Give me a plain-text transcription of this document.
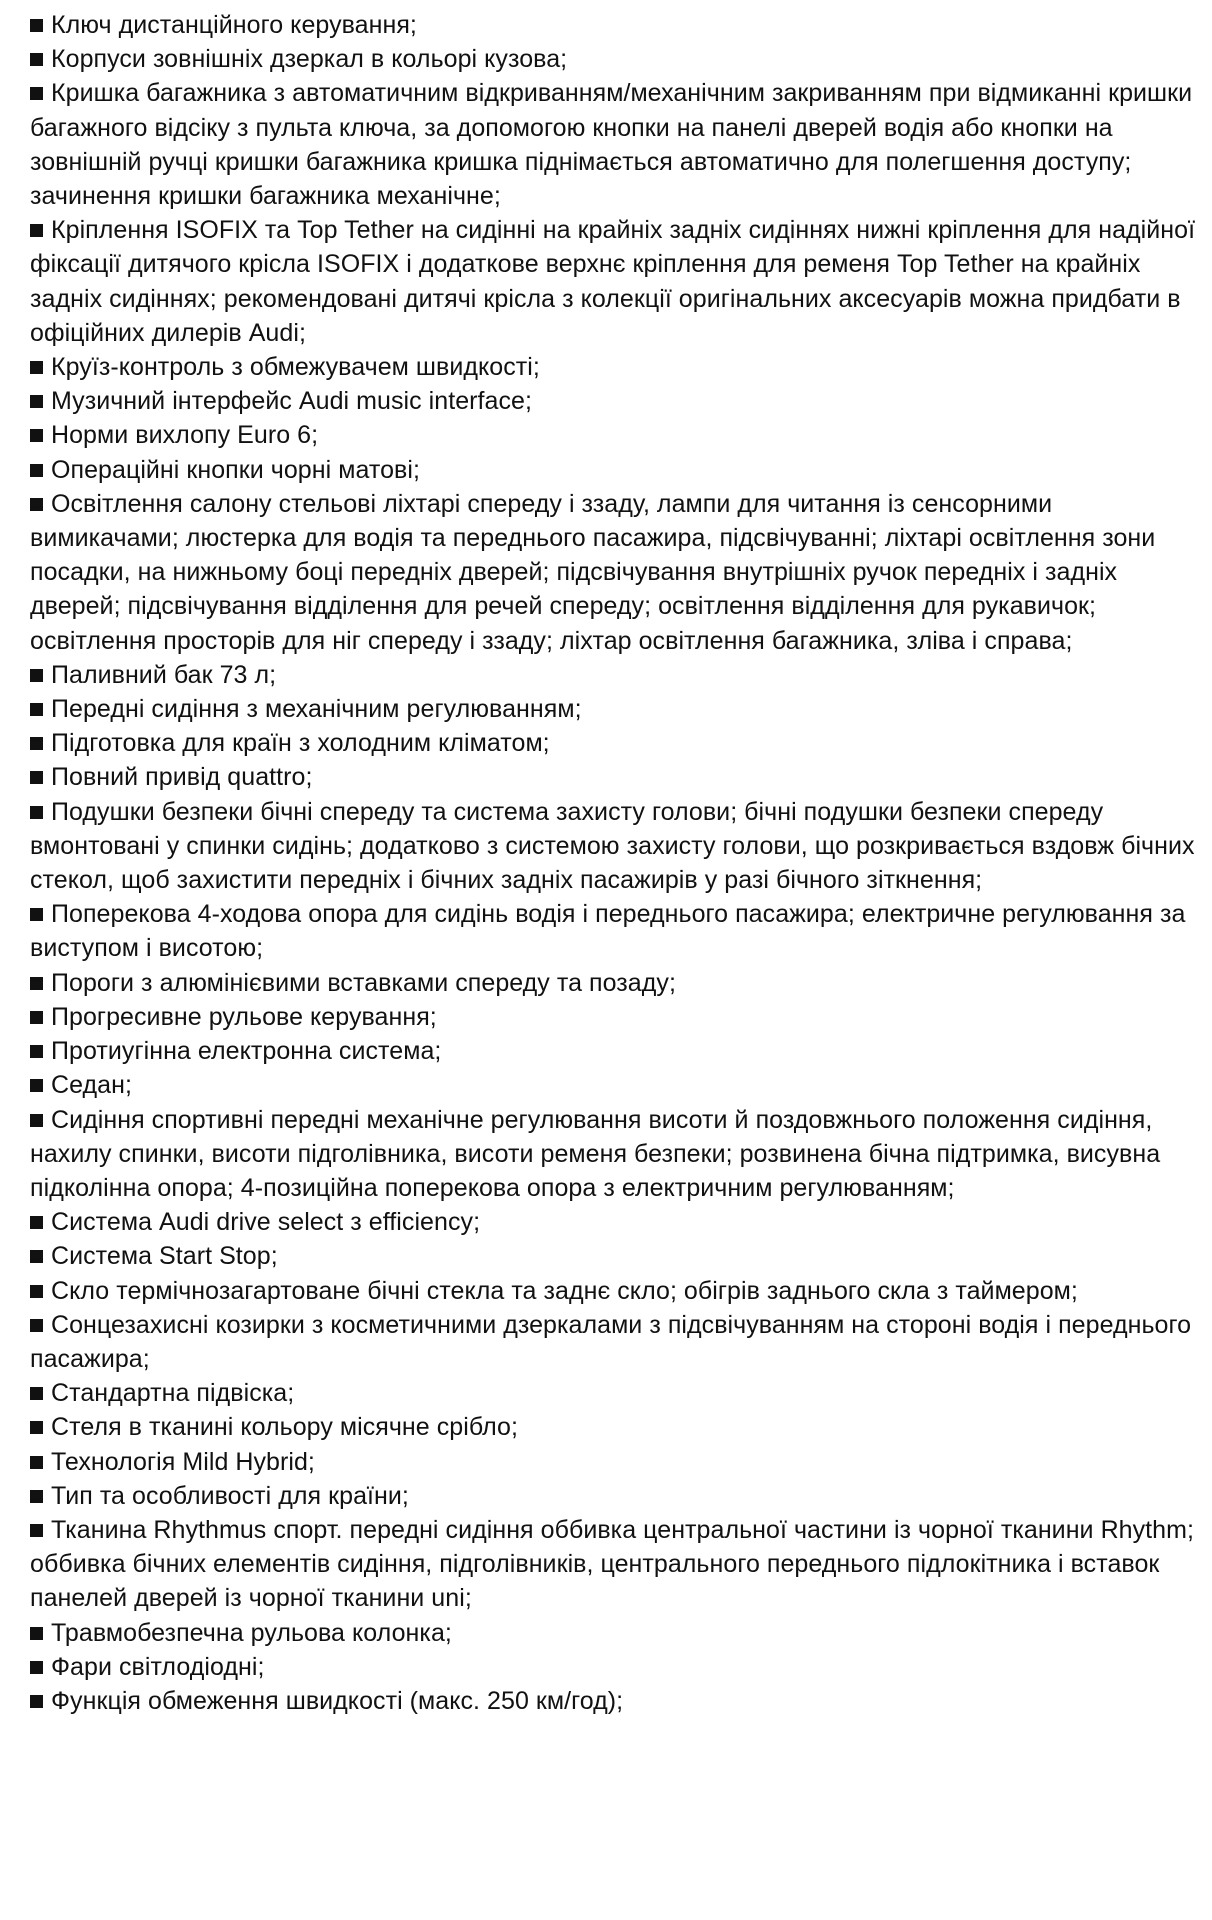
Ключ дистанційного керування;

Корпуси зовнішніх дзеркал в кольорі кузова;

Кришка багажника з автоматичним відкриванням/механічним закриванням при відмиканні кришки багажного відсіку з пульта ключа, за допомогою кнопки на панелі дверей водія або кнопки на зовнішній ручці кришки багажника кришка піднімається автоматично для полегшення доступу; зачинення кришки багажника механічне;

Кріплення ISOFIX та Top Tether на сидінні на крайніх задніх сидіннях нижні кріплення для надійної фіксації дитячого крісла ISOFIX і додаткове верхнє кріплення для ременя Top Tether на крайніх задніх сидіннях; рекомендовані дитячі крісла з колекції оригінальних аксесуарів можна придбати в офіційних дилерів Audi;

Круїз-контроль з обмежувачем швидкості;

Музичний інтерфейс Audi music interface;

Норми вихлопу Euro 6;

Операційні кнопки чорні матові;

Освітлення салону стельові ліхтарі спереду і ззаду, лампи для читання із сенсорними вимикачами; люстерка для водія та переднього пасажира, підсвічуванні; ліхтарі освітлення зони посадки, на нижньому боці передніх дверей; підсвічування внутрішніх ручок передніх і задніх дверей; підсвічування відділення для речей спереду; освітлення відділення для рукавичок; освітлення просторів для ніг спереду і ззаду; ліхтар освітлення багажника, зліва і справа;

Паливний бак 73 л;

Передні сидіння з механічним регулюванням;

Підготовка для країн з холодним кліматом;

Повний привід quattro;

Подушки безпеки бічні спереду та система захисту голови; бічні подушки безпеки спереду вмонтовані у спинки сидінь; додатково з системою захисту голови, що розкривається вздовж бічних стекол, щоб захистити передніх і бічних задніх пасажирів у разі бічного зіткнення;

Поперекова 4-ходова опора для сидінь водія і переднього пасажира; електричне регулювання за виступом і висотою;

Пороги з алюмінієвими вставками спереду та позаду;

Прогресивне рульове керування;

Протиугінна електронна система;

Седан;

Сидіння спортивні передні механічне регулювання висоти й поздовжнього положення сидіння, нахилу спинки, висоти підголівника, висоти ременя безпеки; розвинена бічна підтримка, висувна підколінна опора; 4-позиційна поперекова опора з електричним регулюванням;

Система Audi drive select з efficiency;

Система Start Stop;

Скло термічнозагартоване бічні стекла та заднє скло; обігрів заднього скла з таймером;

Сонцезахисні козирки з косметичними дзеркалами з підсвічуванням на стороні водія і переднього пасажира;

Стандартна підвіска;

Стеля в тканині кольору місячне срібло;

Технологія Mild Hybrid;

Тип та особливості для країни;

Тканина Rhythmus спорт. передні сидіння оббивка центральної частини із чорної тканини Rhythm; оббивка бічних елементів сидіння, підголівників, центрального переднього підлокітника і вставок панелей дверей із чорної тканини uni;

Травмобезпечна рульова колонка;

Фари світлодіодні;

Функція обмеження швидкості (макс. 250 км/год);
